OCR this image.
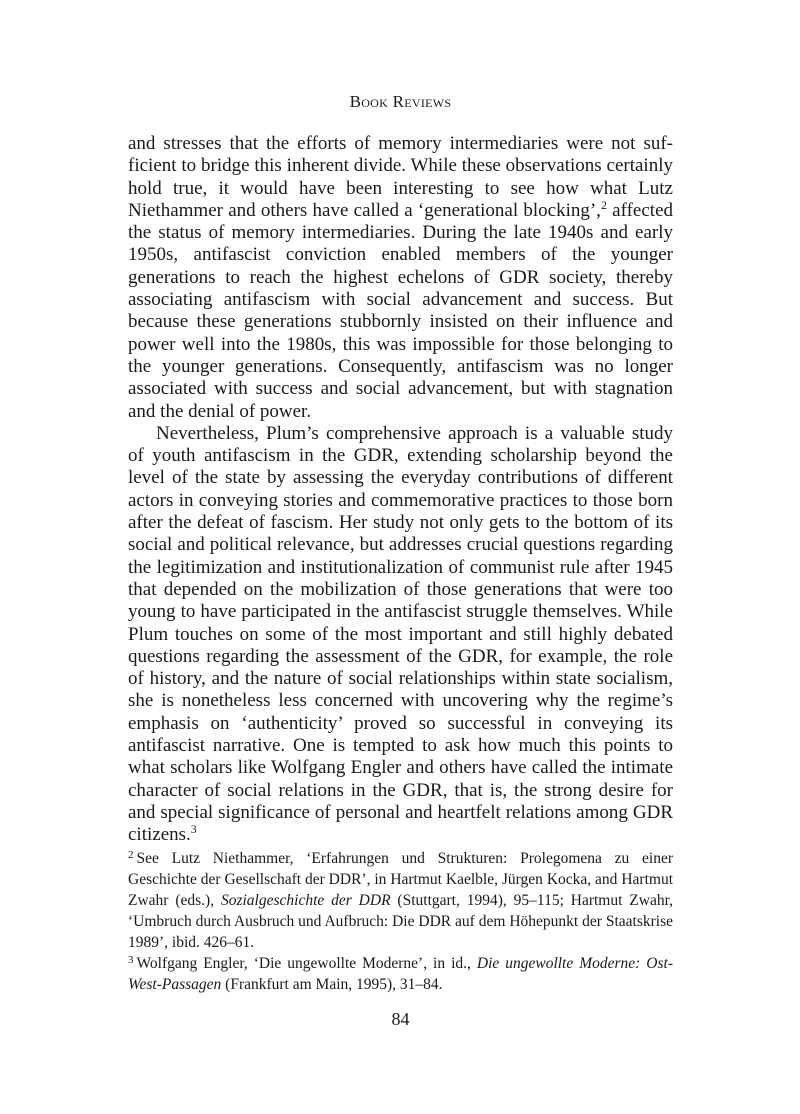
Book Reviews

and stresses that the efforts of memory intermediaries were not sufficient to bridge this inherent divide. While these observations certainly hold true, it would have been interesting to see how what Lutz Niethammer and others have called a ‘generational blocking’,$^2$ affected the status of memory intermediaries. During the late 1940s and early 1950s, antifascist conviction enabled members of the younger generations to reach the highest echelons of GDR society, thereby associating antifascism with social advancement and success. But because these generations stubbornly insisted on their influence and power well into the 1980s, this was impossible for those belonging to the younger generations. Consequently, antifascism was no longer associated with success and social advancement, but with stagnation and the denial of power.

Nevertheless, Plum’s comprehensive approach is a valuable study of youth antifascism in the GDR, extending scholarship beyond the level of the state by assessing the everyday contributions of different actors in conveying stories and commemorative practices to those born after the defeat of fascism. Her study not only gets to the bottom of its social and political relevance, but addresses crucial questions regarding the legitimization and institutionalization of communist rule after 1945 that depended on the mobilization of those generations that were too young to have participated in the antifascist struggle themselves. While Plum touches on some of the most important and still highly debated questions regarding the assessment of the GDR, for example, the role of history, and the nature of social relationships within state socialism, she is nonetheless less concerned with uncovering why the regime’s emphasis on ‘authenticity’ proved so successful in conveying its antifascist narrative. One is tempted to ask how much this points to what scholars like Wolfgang Engler and others have called the intimate character of social relations in the GDR, that is, the strong desire for and special significance of personal and heartfelt relations among GDR citizens.$^3$

$^2$ See Lutz Niethammer, ‘Erfahrungen und Strukturen: Prolegomena zu einer Geschichte der Gesellschaft der DDR’, in Hartmut Kaelble, Jürgen Kocka, and Hartmut Zwahr (eds.), Sozialgeschichte der DDR (Stuttgart, 1994), 95–115; Hartmut Zwahr, ‘Umbruch durch Ausbruch und Aufbruch: Die DDR auf dem Höhepunkt der Staatskrise 1989’, ibid. 426–61.

$^3$ Wolfgang Engler, ‘Die ungewollte Moderne’, in id., Die ungewollte Moderne: Ost-West-Passagen (Frankfurt am Main, 1995), 31–84.

84
